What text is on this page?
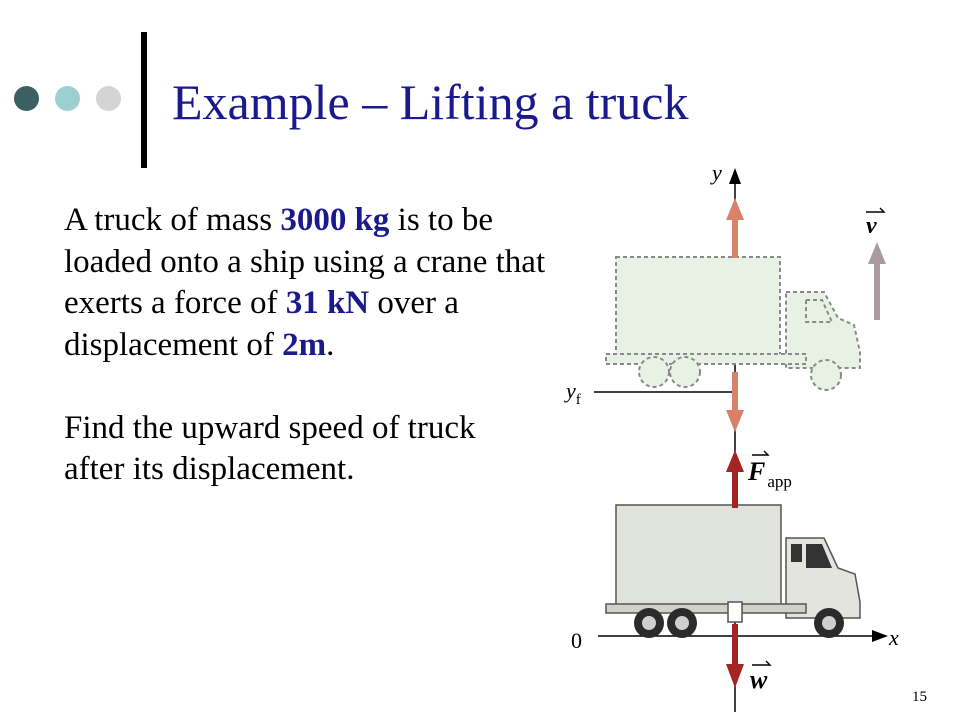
Example – Lifting a truck
A truck of mass 3000 kg is to be loaded onto a ship using a crane that exerts a force of 31 kN over a displacement of 2m.
Find the upward speed of truck after its displacement.
y
x
0
$y_f$
v
F $_{app}$
w
15
